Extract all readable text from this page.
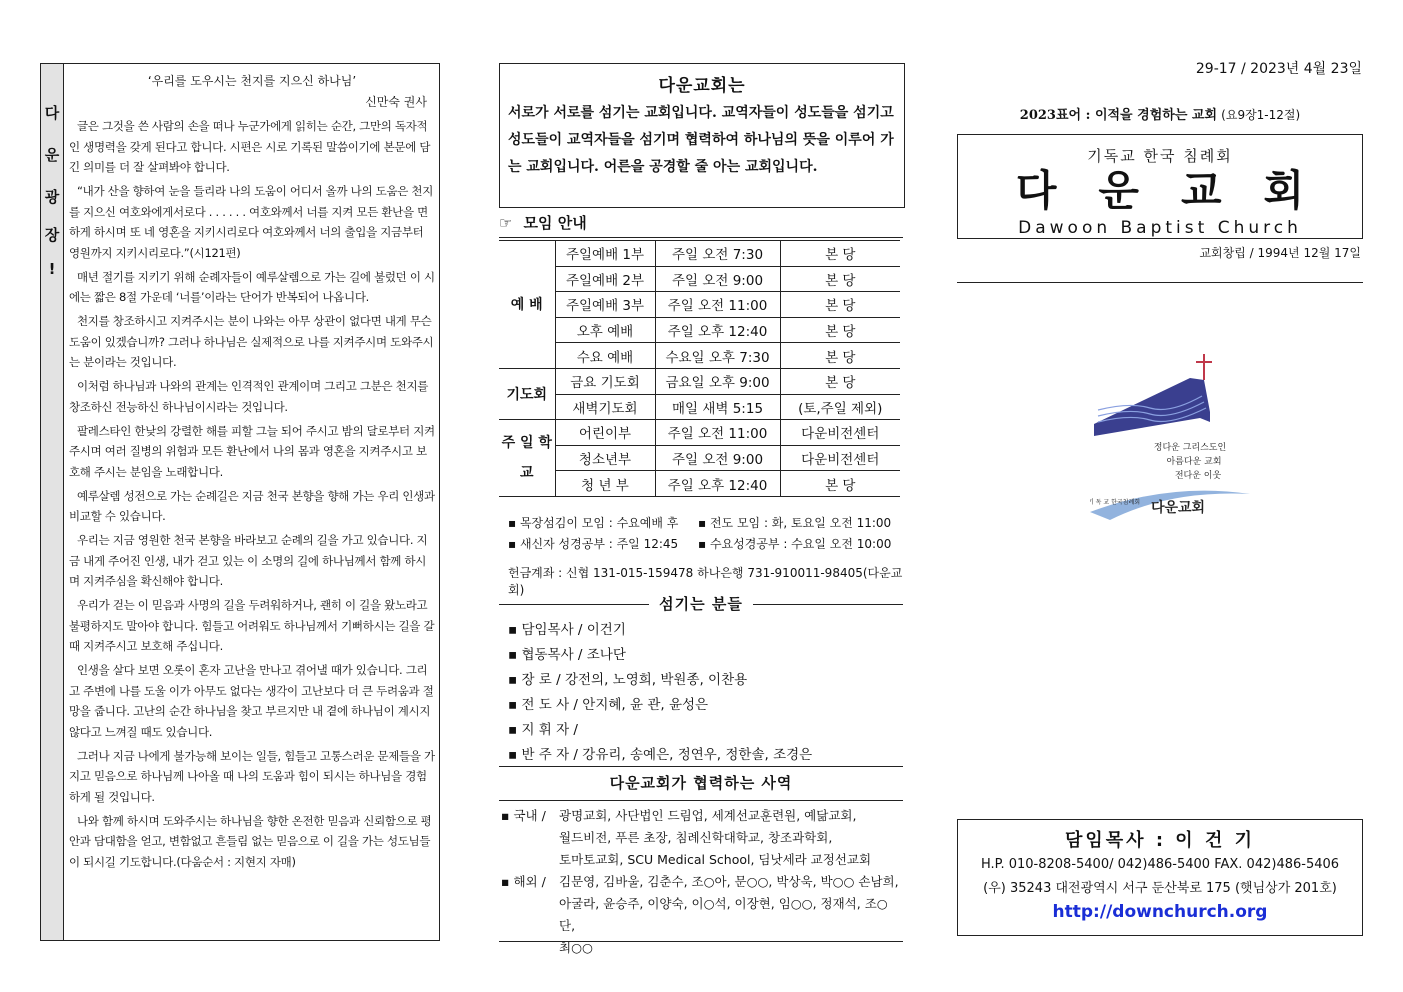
다
운
광
장
!
‘우리를 도우시는 천지를 지으신 하나님’
신만숙 권사

글은 그것을 쓴 사람의 손을 떠나 누군가에게 읽히는 순간, 그만의 독자적인 생명력을 갖게 된다고 합니다. 시편은 시로 기록된 말씀이기에 본문에 담긴 의미를 더 잘 살펴봐야 합니다.

“내가 산을 향하여 눈을 들리라 나의 도움이 어디서 올까 나의 도움은 천지를 지으신 여호와에게서로다 . . . . . . 여호와께서 너를 지켜 모든 환난을 면하게 하시며 또 네 영혼을 지키시리로다 여호와께서 너의 출입을 지금부터 영원까지 지키시리로다.”(시121편)

매년 절기를 지키기 위해 순례자들이 예루살렘으로 가는 길에 불렀던 이 시에는 짧은 8절 가운데 ‘너를’이라는 단어가 반복되어 나옵니다.

천지를 창조하시고 지켜주시는 분이 나와는 아무 상관이 없다면 내게 무슨 도움이 있겠습니까? 그러나 하나님은 실제적으로 나를 지켜주시며 도와주시는 분이라는 것입니다.

이처럼 하나님과 나와의 관계는 인격적인 관계이며 그리고 그분은 천지를 창조하신 전능하신 하나님이시라는 것입니다.

팔레스타인 한낮의 강렬한 해를 피할 그늘 되어 주시고 밤의 달로부터 지켜주시며 여러 질병의 위험과 모든 환난에서 나의 몸과 영혼을 지켜주시고 보호해 주시는 분임을 노래합니다.

예루살렘 성전으로 가는 순례길은 지금 천국 본향을 향해 가는 우리 인생과 비교할 수 있습니다.

우리는 지금 영원한 천국 본향을 바라보고 순례의 길을 가고 있습니다. 지금 내게 주어진 인생, 내가 걷고 있는 이 소명의 길에 하나님께서 함께 하시며 지켜주심을 확신해야 합니다.

우리가 걷는 이 믿음과 사명의 길을 두려워하거나, 괜히 이 길을 왔노라고 불평하지도 말아야 합니다. 힘들고 어려워도 하나님께서 기뻐하시는 길을 갈 때 지켜주시고 보호해 주십니다.

인생을 살다 보면 오롯이 혼자 고난을 만나고 겪어낼 때가 있습니다. 그리고 주변에 나를 도울 이가 아무도 없다는 생각이 고난보다 더 큰 두려움과 절망을 줍니다. 고난의 순간 하나님을 찾고 부르지만 내 곁에 하나님이 계시지 않다고 느껴질 때도 있습니다.

그러나 지금 나에게 불가능해 보이는 일들, 힘들고 고통스러운 문제들을 가지고 믿음으로 하나님께 나아올 때 나의 도움과 힘이 되시는 하나님을 경험하게 될 것입니다.

나와 함께 하시며 도와주시는 하나님을 향한 온전한 믿음과 신뢰함으로 평안과 담대함을 얻고, 변함없고 흔들림 없는 믿음으로 이 길을 가는 성도님들이 되시길 기도합니다.(다움순서 : 지현지 자매)

다운교회는
서로가 서로를 섬기는 교회입니다. 교역자들이 성도들을 섬기고 성도들이 교역자들을 섬기며 협력하여 하나님의 뜻을 이루어 가는 교회입니다. 어른을 공경할 줄 아는 교회입니다.
☞ 모임 안내
예 배	주일예배 1부	주일 오전 7:30	본 당
	주일예배 2부	주일 오전 9:00	본 당
	주일예배 3부	주일 오전 11:00	본 당
	오후 예배	주일 오후 12:40	본 당
	수요 예배	수요일 오후 7:30	본 당
기도회	금요 기도회	금요일 오후 9:00	본 당
	새벽기도회	매일 새벽 5:15	(토,주일 제외)
주 일 학 교	어린이부	주일 오전 11:00	다운비전센터
	청소년부	주일 오전 9:00	다운비전센터
	청 년 부	주일 오후 12:40	본 당
▪ 목장섬김이 모임 : 수요예배 후	▪ 전도 모임 : 화, 토요일 오전 11:00
▪ 새신자 성경공부 : 주일 12:45	▪ 수요성경공부 : 수요일 오전 10:00
헌금계좌 : 신협 131-015-159478 하나은행 731-910011-98405(다운교회)
섬기는 분들
▪ 담임목사 / 이건기
▪ 협동목사 / 조나단
▪ 장 로 / 강전의, 노영희, 박원종, 이찬용
▪ 전 도 사 / 안지혜, 윤 관, 윤성은
▪ 지 휘 자 /
▪ 반 주 자 / 강유리, 송예은, 정연우, 정한솔, 조경은
다운교회가 협력하는 사역
▪ 국내 /	광명교회, 사단법인 드림업, 세계선교훈련원, 예닮교회,
월드비전, 푸른 초장, 침례신학대학교, 창조과학회,
토마토교회, SCU Medical School, 딤낫세라 교정선교회
▪ 해외 /	김문영, 김바울, 김춘수, 조○아, 문○○, 박상욱, 박○○ 손남희,
아굴라, 윤승주, 이양숙, 이○석, 이장현, 임○○, 정재석, 조○단,
최○○
29-17 / 2023년 4월 23일
2023표어 : 이적을 경험하는 교회 (요9장1-12절)
기독교 한국 침례회
다운교회
Dawoon Baptist Church
교회창립 / 1994년 12월 17일
정다운 그리스도인
아름다운 교회
전다운 이웃
기 독 교 한국침례회 다운교회
담임목사 : 이 건 기
H.P. 010-8208-5400/ 042)486-5400 FAX. 042)486-5406
(우) 35243 대전광역시 서구 둔산북로 175 (햇님상가 201호)
http://downchurch.org
